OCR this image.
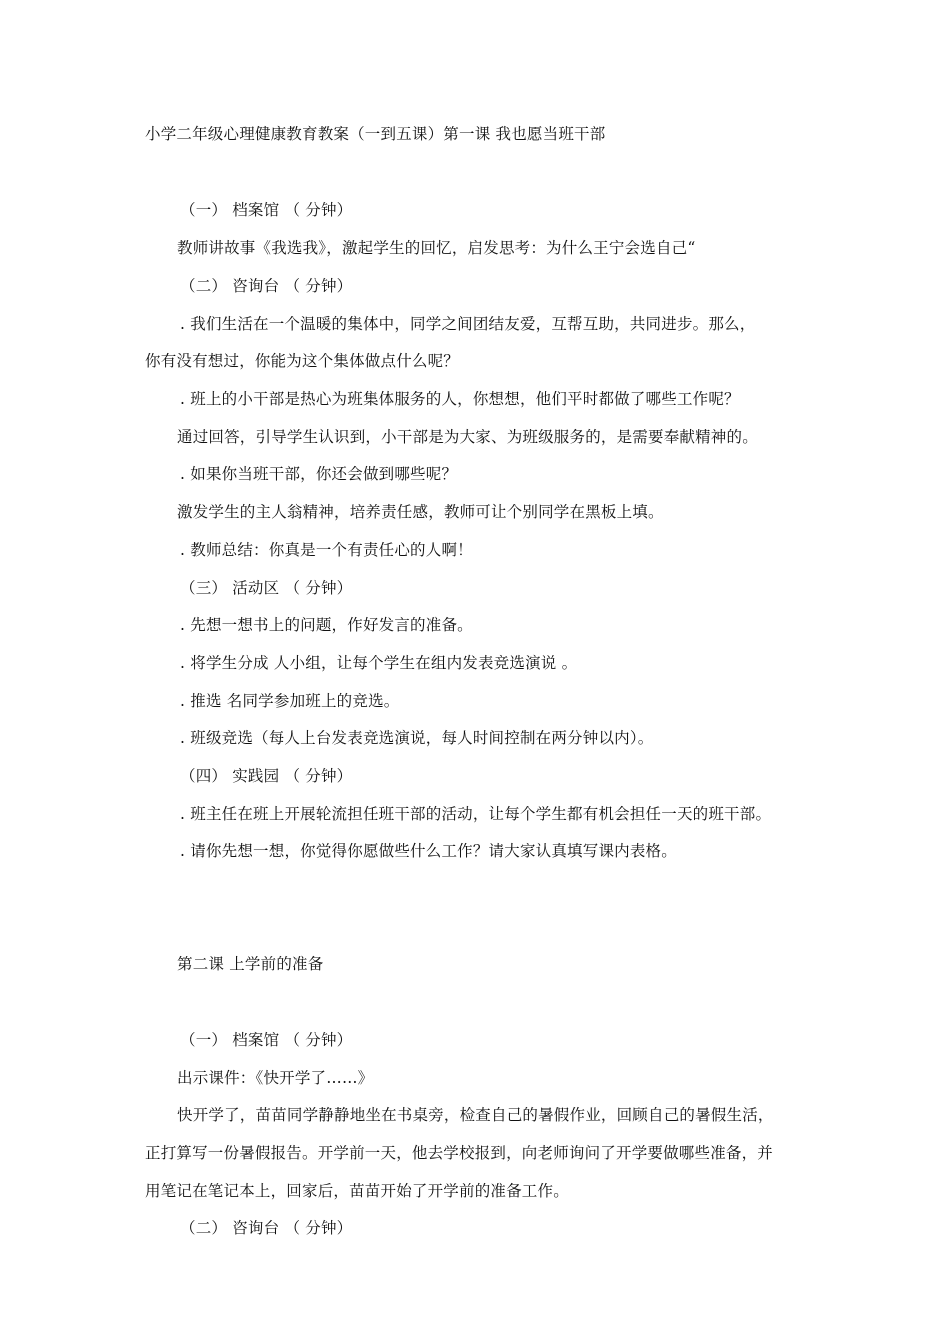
小学二年级心理健康教育教案（一到五课）第一课 我也愿当班干部
（一） 档案馆 （ 分钟）
教师讲故事《我选我》，激起学生的回忆，启发思考：为什么王宁会选自己“
（二） 咨询台 （ 分钟）
. 我们生活在一个温暖的集体中，同学之间团结友爱，互帮互助，共同进步。那么，
你有没有想过，你能为这个集体做点什么呢？
. 班上的小干部是热心为班集体服务的人，你想想，他们平时都做了哪些工作呢？
通过回答，引导学生认识到，小干部是为大家、为班级服务的，是需要奉献精神的。
. 如果你当班干部，你还会做到哪些呢？
激发学生的主人翁精神，培养责任感，教师可让个别同学在黑板上填。
. 教师总结：你真是一个有责任心的人啊！
（三） 活动区 （ 分钟）
. 先想一想书上的问题，作好发言的准备。
. 将学生分成 人小组，让每个学生在组内发表竞选演说 。
. 推选 名同学参加班上的竞选。
. 班级竞选（每人上台发表竞选演说，每人时间控制在两分钟以内）。
（四） 实践园 （ 分钟）
. 班主任在班上开展轮流担任班干部的活动，让每个学生都有机会担任一天的班干部。
. 请你先想一想，你觉得你愿做些什么工作？请大家认真填写课内表格。
第二课 上学前的准备
（一） 档案馆 （ 分钟）
出示课件：《快开学了……》
快开学了，苗苗同学静静地坐在书桌旁，检查自己的暑假作业，回顾自己的暑假生活，
正打算写一份暑假报告。开学前一天，他去学校报到，向老师询问了开学要做哪些准备，并
用笔记在笔记本上，回家后，苗苗开始了开学前的准备工作。
（二） 咨询台 （ 分钟）
